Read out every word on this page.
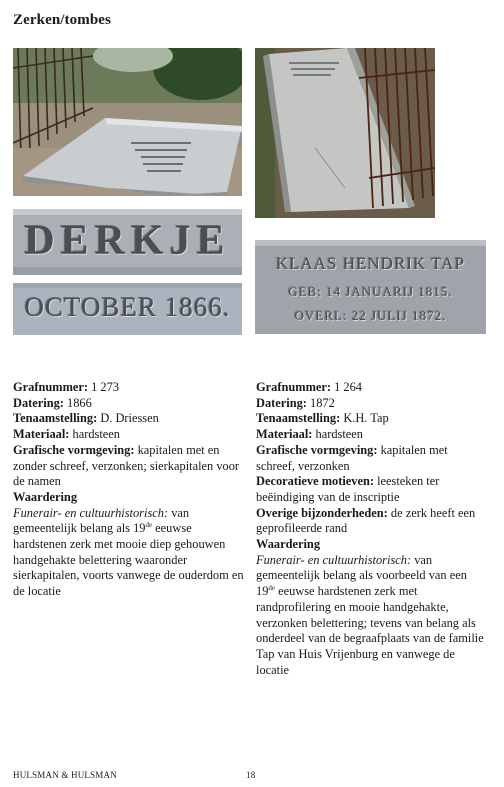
Zerken/tombes
DERKJE
OCTOBER 1866.
KLAAS HENDRIK TAP
GEB: 14 JANUARIJ 1815.
OVERL: 22 JULIJ 1872.

Grafnummer: 1 273

Datering: 1866

Tenaamstelling: D. Driessen

Materiaal: hardsteen

Grafische vormgeving: kapitalen met en zonder schreef, verzonken; sierkapitalen voor de namen

Waardering

Funerair- en cultuurhistorisch: van gemeentelijk belang als 19de eeuwse hardstenen zerk met mooie diep gehouwen handgehakte belettering waaronder sierkapitalen, voorts vanwege de ouderdom en de locatie

Grafnummer: 1 264

Datering: 1872

Tenaamstelling: K.H. Tap

Materiaal: hardsteen

Grafische vormgeving: kapitalen met schreef, verzonken

Decoratieve motieven: leesteken ter beëindiging van de inscriptie

Overige bijzonderheden: de zerk heeft een geprofileerde rand

Waardering

Funerair- en cultuurhistorisch: van gemeentelijk belang als voorbeeld van een 19de eeuwse hardstenen zerk met randprofilering en mooie handgehakte, verzonken belettering; tevens van belang als onderdeel van de begraafplaats van de familie Tap van Huis Vrijenburg en vanwege de locatie

HULSMAN & HULSMAN	18
